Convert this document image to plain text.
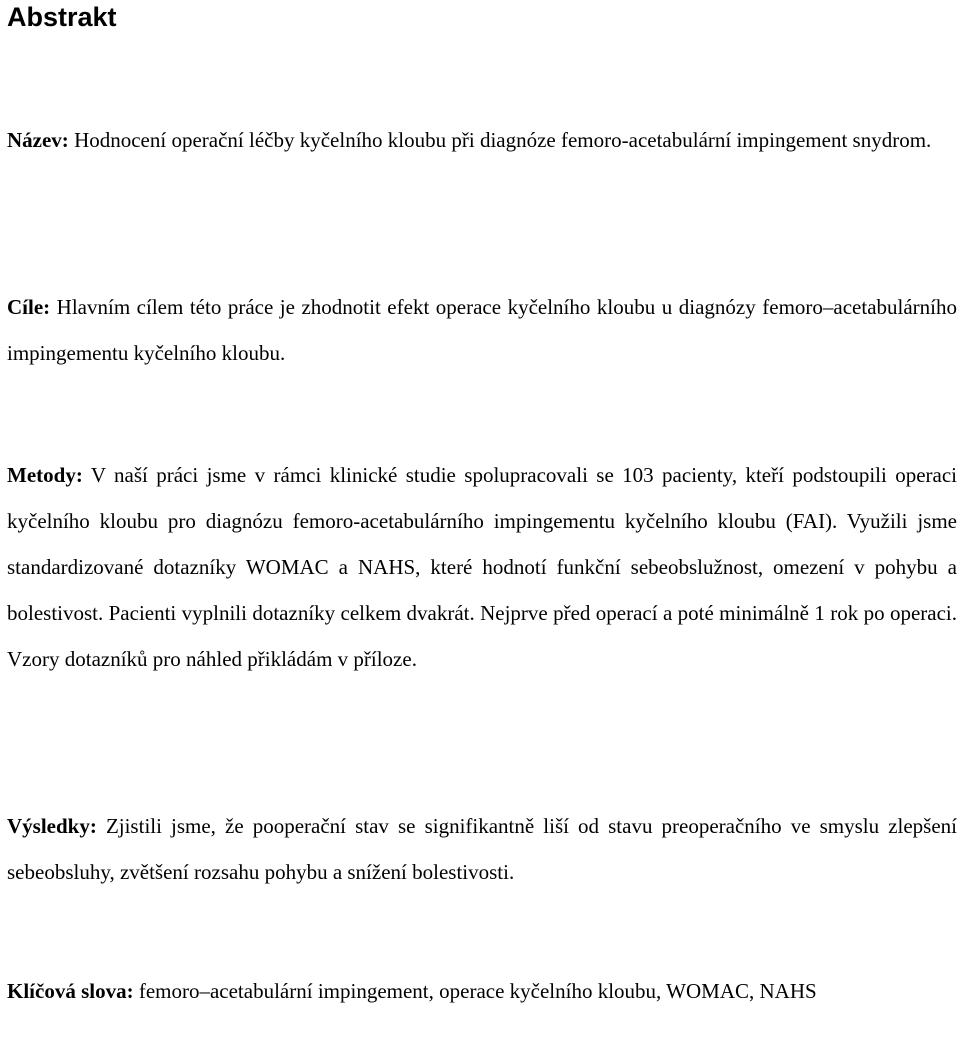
Abstrakt

Název: Hodnocení operační léčby kyčelního kloubu při diagnóze femoro-acetabulární impingement snydrom.

Cíle: Hlavním cílem této práce je zhodnotit efekt operace kyčelního kloubu u diagnózy femoro–acetabulárního impingementu kyčelního kloubu.

Metody: V naší práci jsme v rámci klinické studie spolupracovali se 103 pacienty, kteří podstoupili operaci kyčelního kloubu pro diagnózu femoro-acetabulárního impingementu kyčelního kloubu (FAI). Využili jsme standardizované dotazníky WOMAC a NAHS, které hodnotí funkční sebeobslužnost, omezení v pohybu a bolestivost. Pacienti vyplnili dotazníky celkem dvakrát. Nejprve před operací a poté minimálně 1 rok po operaci. Vzory dotazníků pro náhled přikládám v příloze.

Výsledky: Zjistili jsme, že pooperační stav se signifikantně liší od stavu preoperačního ve smyslu zlepšení sebeobsluhy, zvětšení rozsahu pohybu a snížení bolestivosti.

Klíčová slova: femoro–acetabulární impingement, operace kyčelního kloubu, WOMAC, NAHS
